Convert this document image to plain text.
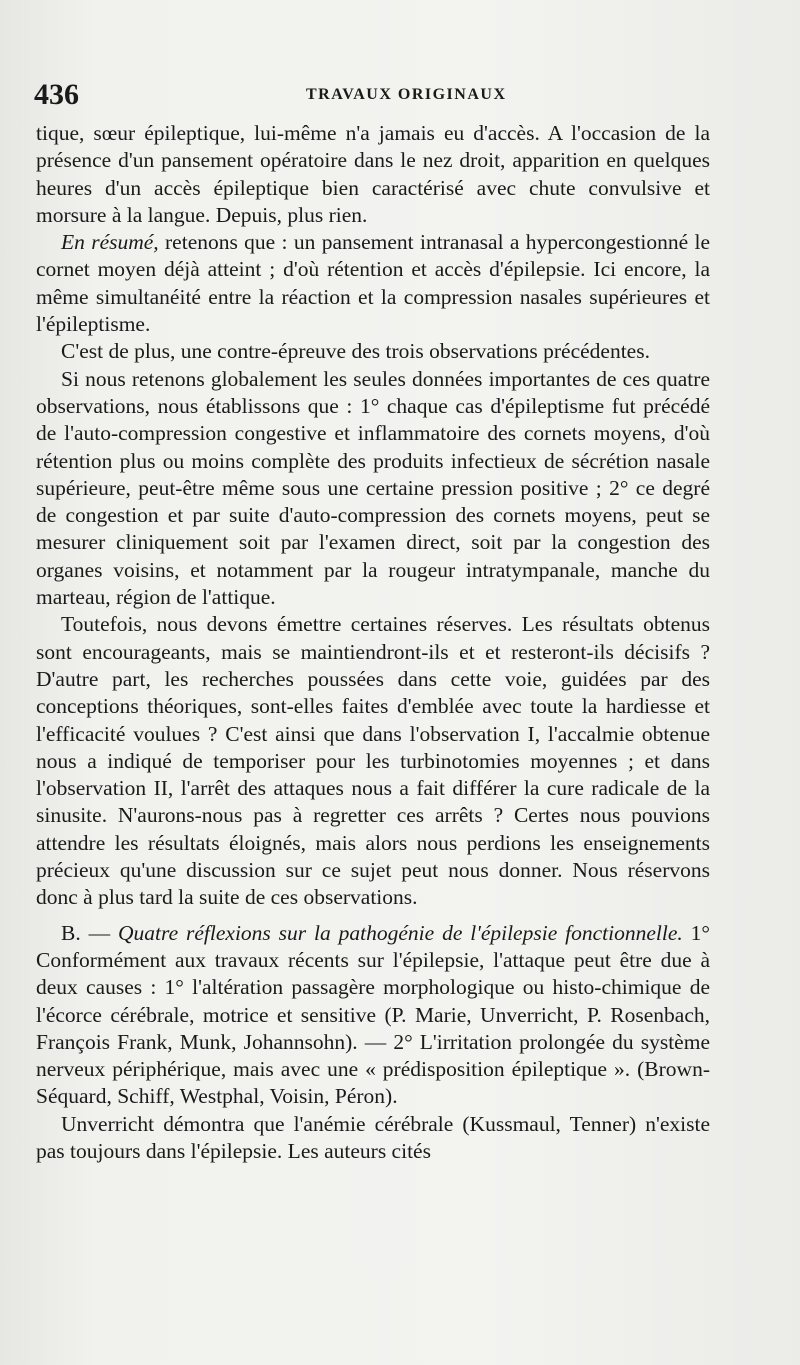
436	TRAVAUX ORIGINAUX

tique, sœur épileptique, lui-même n'a jamais eu d'accès. A l'occasion de la présence d'un pansement opératoire dans le nez droit, apparition en quelques heures d'un accès épileptique bien caractérisé avec chute convulsive et morsure à la langue. Depuis, plus rien.

En résumé, retenons que : un pansement intranasal a hypercongestionné le cornet moyen déjà atteint ; d'où rétention et accès d'épilepsie. Ici encore, la même simultanéité entre la réaction et la compression nasales supérieures et l'épileptisme.

C'est de plus, une contre-épreuve des trois observations précédentes.

Si nous retenons globalement les seules données importantes de ces quatre observations, nous établissons que : 1° chaque cas d'épileptisme fut précédé de l'auto-compression congestive et inflammatoire des cornets moyens, d'où rétention plus ou moins complète des produits infectieux de sécrétion nasale supérieure, peut-être même sous une certaine pression positive ; 2° ce degré de congestion et par suite d'auto-compression des cornets moyens, peut se mesurer cliniquement soit par l'examen direct, soit par la congestion des organes voisins, et notamment par la rougeur intratympanale, manche du marteau, région de l'attique.

Toutefois, nous devons émettre certaines réserves. Les résultats obtenus sont encourageants, mais se maintiendront-ils et et resteront-ils décisifs ? D'autre part, les recherches poussées dans cette voie, guidées par des conceptions théoriques, sont-elles faites d'emblée avec toute la hardiesse et l'efficacité voulues ? C'est ainsi que dans l'observation I, l'accalmie obtenue nous a indiqué de temporiser pour les turbinotomies moyennes ; et dans l'observation II, l'arrêt des attaques nous a fait différer la cure radicale de la sinusite. N'aurons-nous pas à regretter ces arrêts ? Certes nous pouvions attendre les résultats éloignés, mais alors nous perdions les enseignements précieux qu'une discussion sur ce sujet peut nous donner. Nous réservons donc à plus tard la suite de ces observations.

B. — Quatre réflexions sur la pathogénie de l'épilepsie fonctionnelle. 1° Conformément aux travaux récents sur l'épilepsie, l'attaque peut être due à deux causes : 1° l'altération passagère morphologique ou histo-chimique de l'écorce cérébrale, motrice et sensitive (P. Marie, Unverricht, P. Rosenbach, François Frank, Munk, Johannsohn). — 2° L'irritation prolongée du système nerveux périphérique, mais avec une « prédisposition épileptique ». (Brown-Séquard, Schiff, Westphal, Voisin, Péron).

Unverricht démontra que l'anémie cérébrale (Kussmaul, Tenner) n'existe pas toujours dans l'épilepsie. Les auteurs cités
